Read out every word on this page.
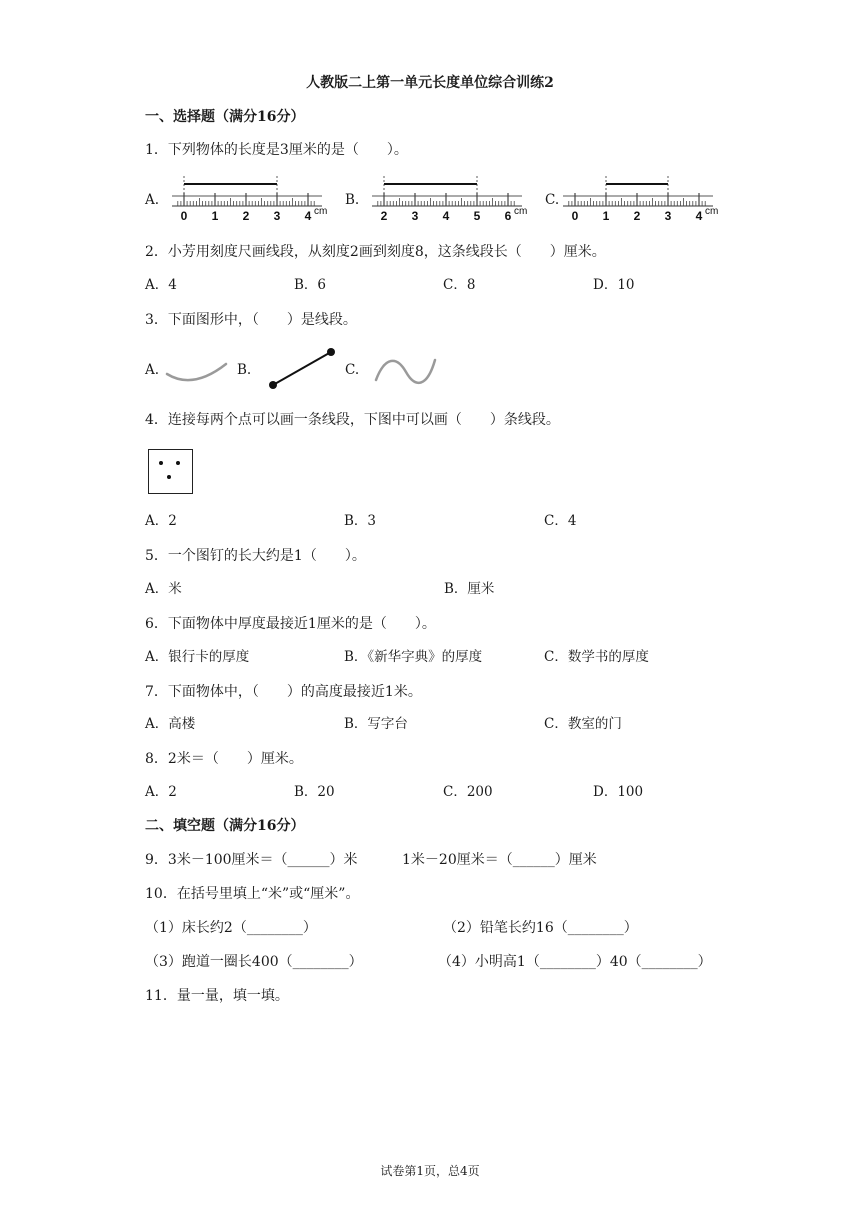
人教版二上第一单元长度单位综合训练2
一、选择题（满分16分）
1．下列物体的长度是3厘米的是（　　）。
A.	B.	C.
0 1 2 3 4 cm	2 3 4 5 6 cm	0 1 2 3 4 cm
2．小芳用刻度尺画线段，从刻度2画到刻度8，这条线段长（　　）厘米。
A．4	B．6	C．8	D．10
3．下面图形中，（　　）是线段。
A.	B.	C.
4．连接每两个点可以画一条线段，下图中可以画（　　）条线段。
A．2	B．3	C．4
5．一个图钉的长大约是1（　　）。
A．米	B．厘米
6．下面物体中厚度最接近1厘米的是（　　）。
A．银行卡的厚度	B．《新华字典》的厚度	C．数学书的厚度
7．下面物体中，（　　）的高度最接近1米。
A．高楼	B．写字台	C．教室的门
8．2米＝（　　）厘米。
A．2	B．20	C．200	D．100
二、填空题（满分16分）
9．3米－100厘米＝（______）米	1米－20厘米＝（______）厘米
10．在括号里填上“米”或“厘米”。
（1）床长约2（________）	（2）铅笔长约16（________）
（3）跑道一圈长400（________）	（4）小明高1（________）40（________）
11．量一量，填一填。
试卷第1页，总4页
